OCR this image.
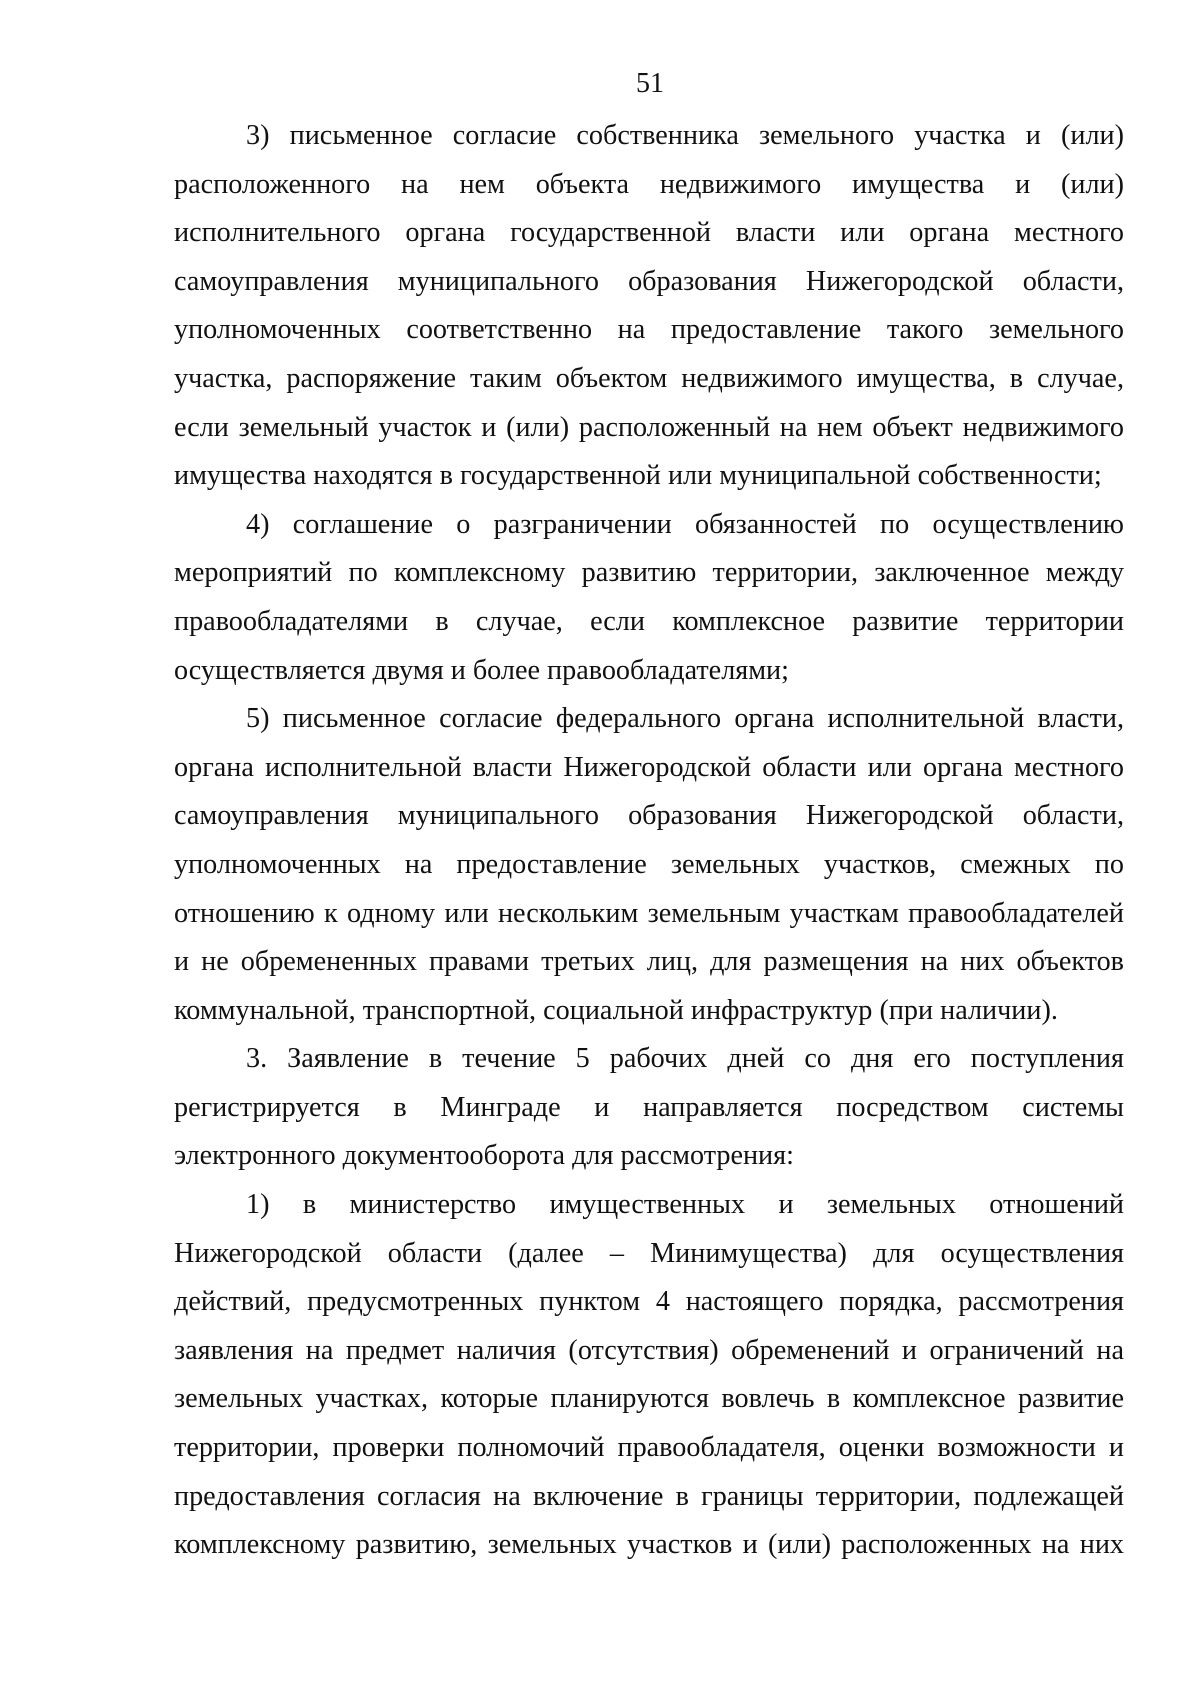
51

3) письменное согласие собственника земельного участка и (или) расположенного на нем объекта недвижимого имущества и (или) исполнительного органа государственной власти или органа местного самоуправления муниципального образования Нижегородской области, уполномоченных соответственно на предоставление такого земельного участка, распоряжение таким объектом недвижимого имущества, в случае, если земельный участок и (или) расположенный на нем объект недвижимого имущества находятся в государственной или муниципальной собственности;

4) соглашение о разграничении обязанностей по осуществлению мероприятий по комплексному развитию территории, заключенное между правообладателями в случае, если комплексное развитие территории осуществляется двумя и более правообладателями;

5) письменное согласие федерального органа исполнительной власти, органа исполнительной власти Нижегородской области или органа местного самоуправления муниципального образования Нижегородской области, уполномоченных на предоставление земельных участков, смежных по отношению к одному или нескольким земельным участкам правообладателей и не обремененных правами третьих лиц, для размещения на них объектов коммунальной, транспортной, социальной инфраструктур (при наличии).

3. Заявление в течение 5 рабочих дней со дня его поступления регистрируется в Минграде и направляется посредством системы электронного документооборота для рассмотрения:

1) в министерство имущественных и земельных отношений Нижегородской области (далее – Минимущества) для осуществления действий, предусмотренных пунктом 4 настоящего порядка, рассмотрения заявления на предмет наличия (отсутствия) обременений и ограничений на земельных участках, которые планируются вовлечь в комплексное развитие территории, проверки полномочий правообладателя, оценки возможности и предоставления согласия на включение в границы территории, подлежащей комплексному развитию, земельных участков и (или) расположенных на них
